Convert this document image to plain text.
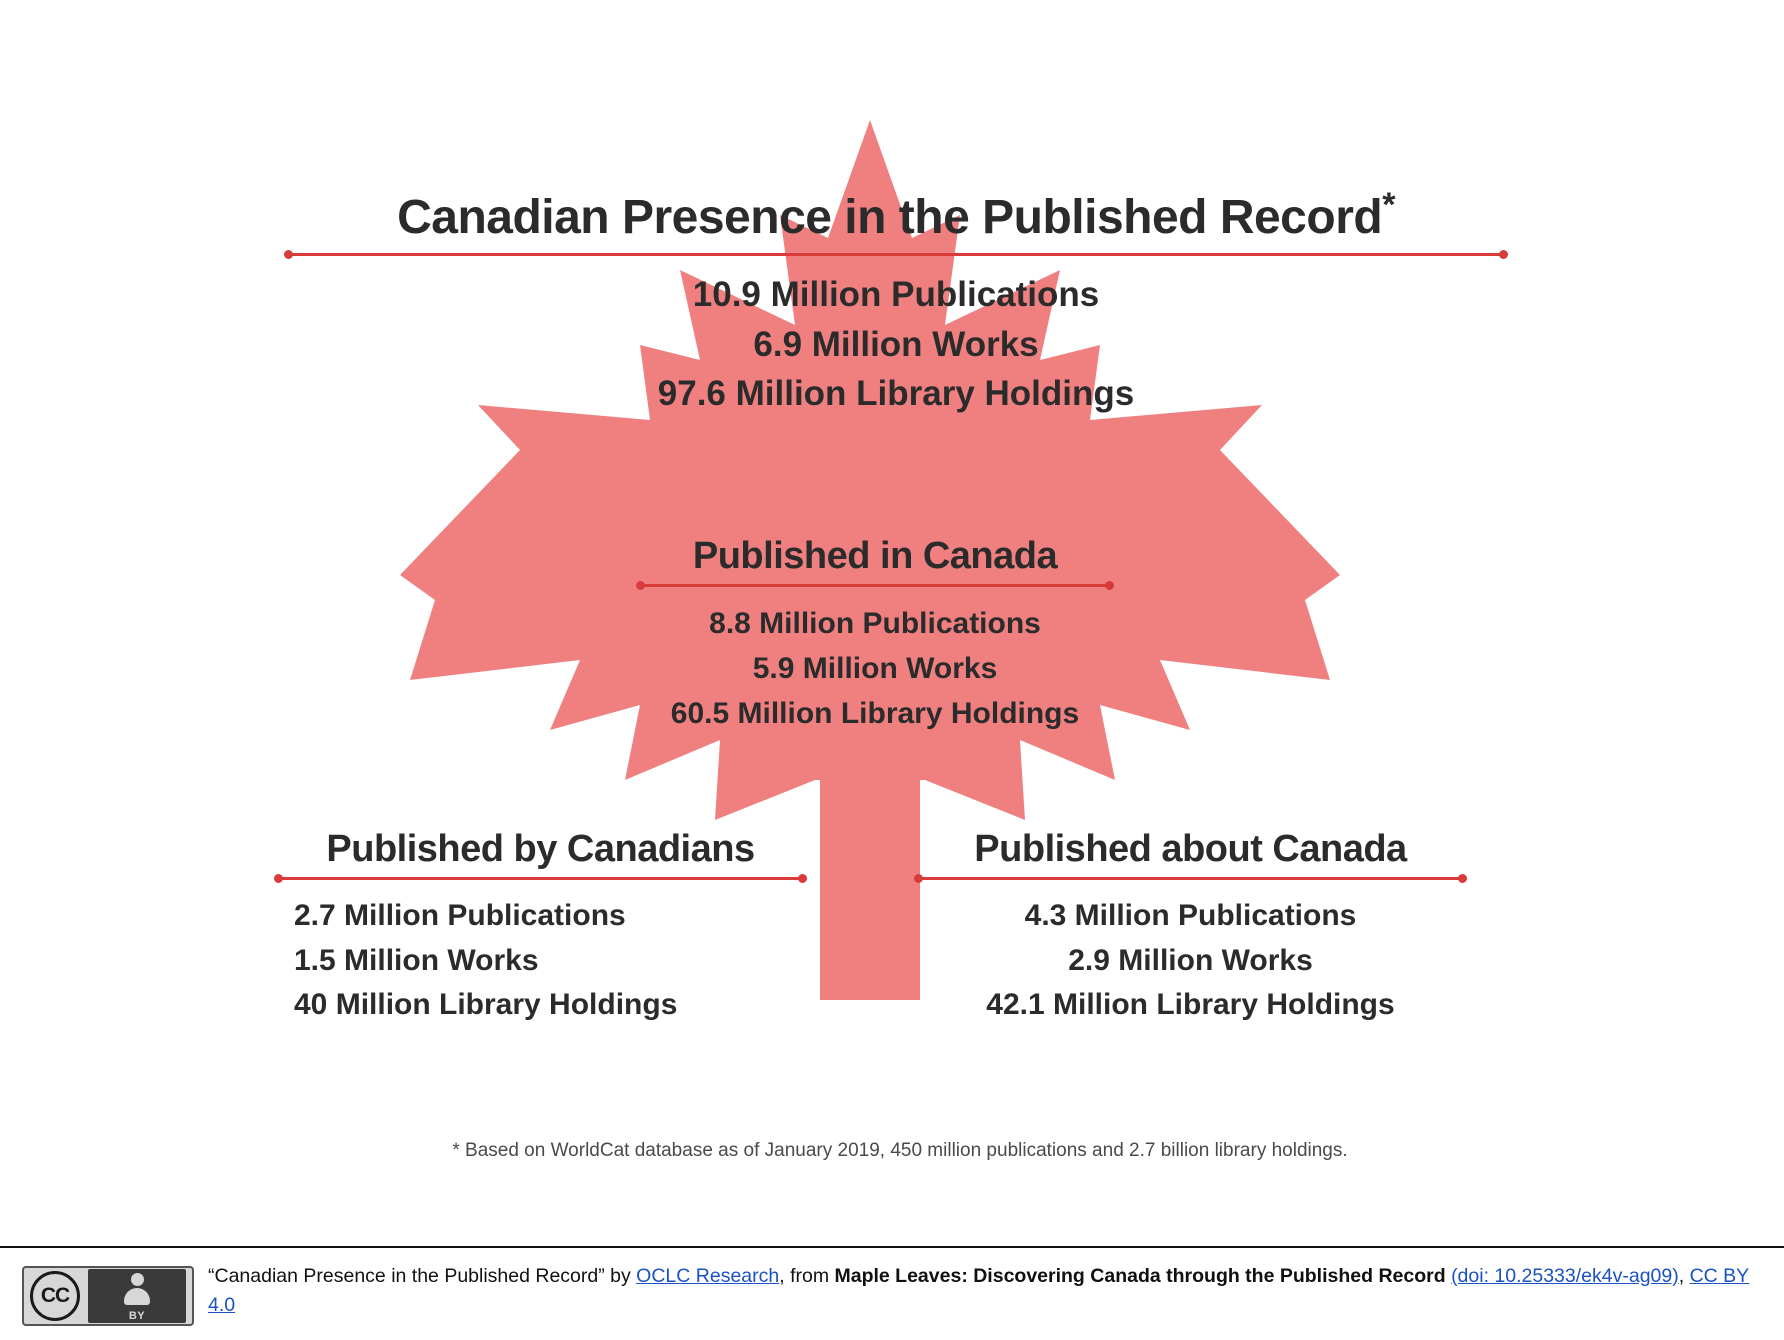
Canadian Presence in the Published Record*
10.9 Million Publications
6.9 Million Works
97.6 Million Library Holdings
Published in Canada
8.8 Million Publications
5.9 Million Works
60.5 Million Library Holdings
Published by Canadians
2.7 Million Publications
1.5 Million Works
40 Million Library Holdings
Published about Canada
4.3 Million Publications
2.9 Million Works
42.1 Million Library Holdings
* Based on WorldCat database as of January 2019, 450 million publications and 2.7 billion library holdings.
CC
BY
“Canadian Presence in the Published Record” by OCLC Research, from Maple Leaves: Discovering Canada through the Published Record (doi: 10.25333/ek4v-ag09), CC BY 4.0
